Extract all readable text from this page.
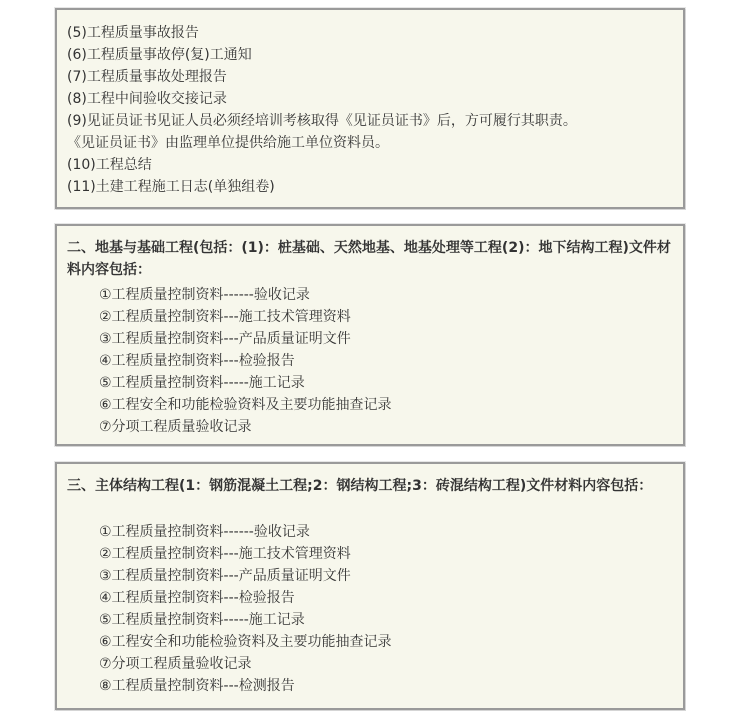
(5)工程质量事故报告
(6)工程质量事故停(复)工通知
(7)工程质量事故处理报告
(8)工程中间验收交接记录
(9)见证员证书见证人员必须经培训考核取得《见证员证书》后，方可履行其职责。
《见证员证书》由监理单位提供给施工单位资料员。
(10)工程总结
(11)土建工程施工日志(单独组卷)

二、地基与基础工程(包括：(1)：桩基础、天然地基、地基处理等工程(2)：地下结构工程)文件材料内容包括：

①工程质量控制资料------验收记录
②工程质量控制资料---施工技术管理资料
③工程质量控制资料---产品质量证明文件
④工程质量控制资料---检验报告
⑤工程质量控制资料-----施工记录
⑥工程安全和功能检验资料及主要功能抽查记录
⑦分项工程质量验收记录

三、主体结构工程(1：钢筋混凝土工程;2：钢结构工程;3：砖混结构工程)文件材料内容包括：

①工程质量控制资料------验收记录
②工程质量控制资料---施工技术管理资料
③工程质量控制资料---产品质量证明文件
④工程质量控制资料---检验报告
⑤工程质量控制资料-----施工记录
⑥工程安全和功能检验资料及主要功能抽查记录
⑦分项工程质量验收记录
⑧工程质量控制资料---检测报告
